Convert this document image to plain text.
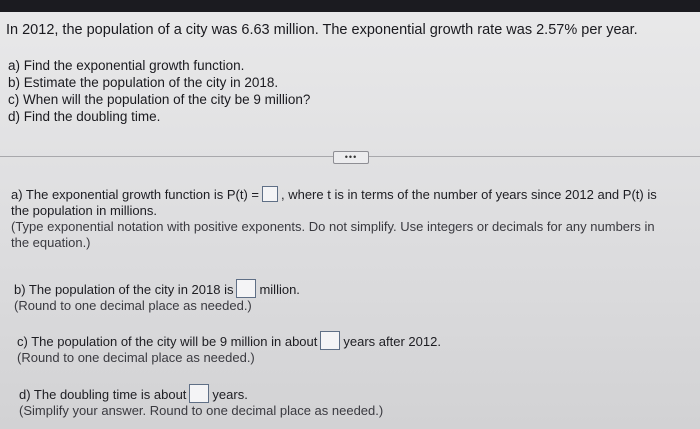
In 2012, the population of a city was 6.63 million. The exponential growth rate was 2.57% per year.
a) Find the exponential growth function.
b) Estimate the population of the city in 2018.
c) When will the population of the city be 9 million?
d) Find the doubling time.
•••
a) The exponential growth function is P(t) = , where t is in terms of the number of years since 2012 and P(t) is
the population in millions.
(Type exponential notation with positive exponents. Do not simplify. Use integers or decimals for any numbers in
the equation.)
b) The population of the city in 2018 is million.
(Round to one decimal place as needed.)
c) The population of the city will be 9 million in about years after 2012.
(Round to one decimal place as needed.)
d) The doubling time is about years.
(Simplify your answer. Round to one decimal place as needed.)
